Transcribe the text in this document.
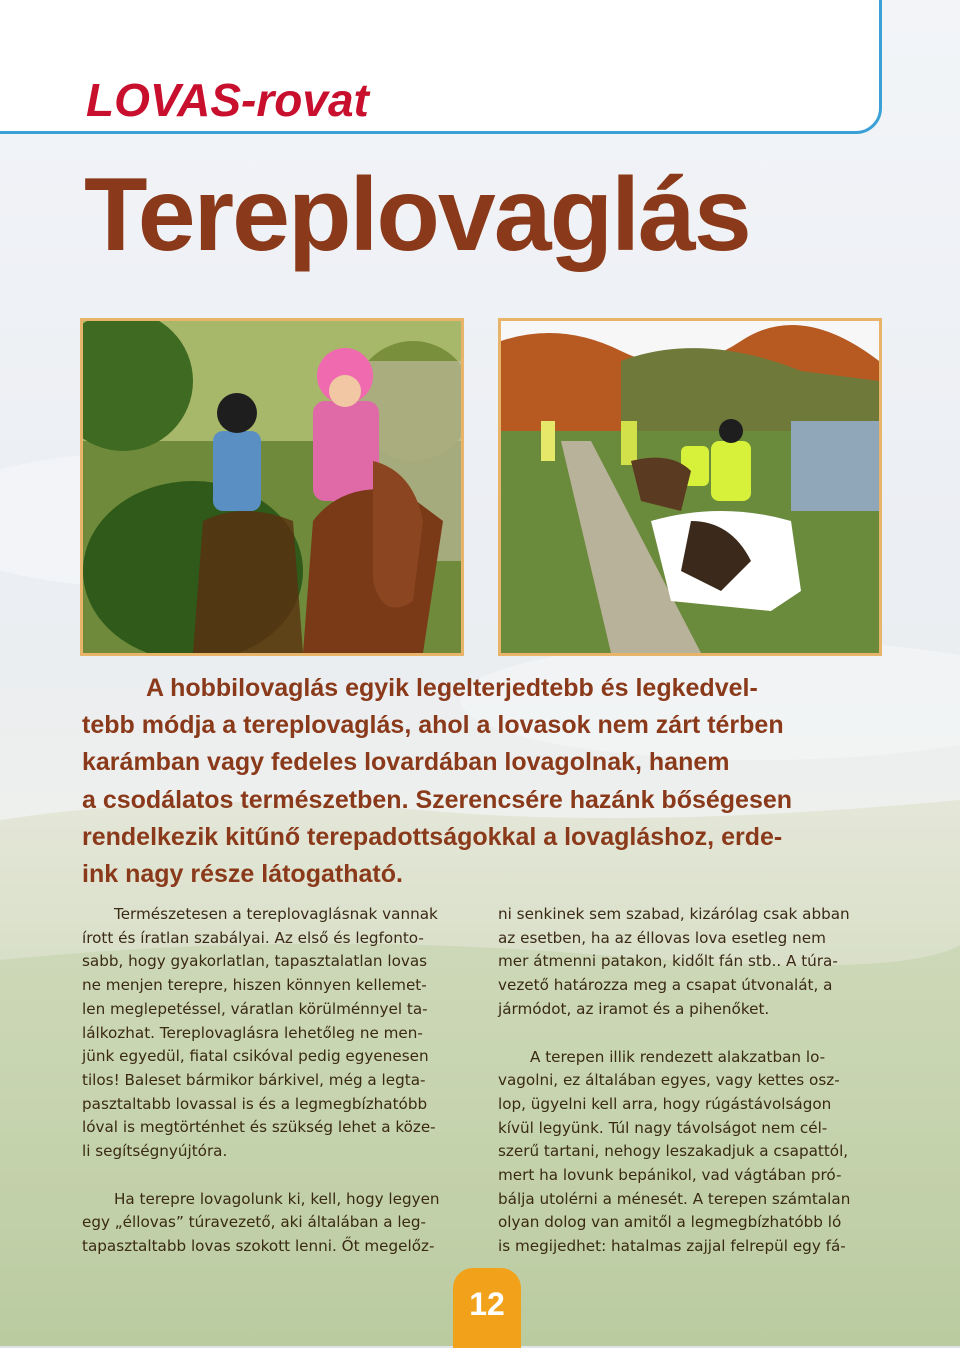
LOVAS-rovat
Tereplovaglás

A hobbilovaglás egyik legelterjedtebb és legkedvel-
tebb módja a tereplovaglás, ahol a lovasok nem zárt térben
karámban vagy fedeles lovardában lovagolnak, hanem
a csodálatos természetben. Szerencsére hazánk bőségesen
rendelkezik kitűnő terepadottságokkal a lovagláshoz, erde-
ink nagy része látogatható.

Természetesen a tereplovaglásnak vannak
írott és íratlan szabályai. Az első és legfonto-
sabb, hogy gyakorlatlan, tapasztalatlan lovas
ne menjen terepre, hiszen könnyen kellemet-
len meglepetéssel, váratlan körülménnyel ta-
lálkozhat. Tereplovaglásra lehetőleg ne men-
jünk egyedül, fiatal csikóval pedig egyenesen
tilos! Baleset bármikor bárkivel, még a legta-
pasztaltabb lovassal is és a legmegbízhatóbb
lóval is megtörténhet és szükség lehet a köze-
li segítségnyújtóra.
Ha terepre lovagolunk ki, kell, hogy legyen
egy „éllovas” túravezető, aki általában a leg-
tapasztaltabb lovas szokott lenni. Őt megelőz-
ni senkinek sem szabad, kizárólag csak abban
az esetben, ha az éllovas lova esetleg nem
mer átmenni patakon, kidőlt fán stb.. A túra-
vezető határozza meg a csapat útvonalát, a
jármódot, az iramot és a pihenőket.
A terepen illik rendezett alakzatban lo-
vagolni, ez általában egyes, vagy kettes osz-
lop, ügyelni kell arra, hogy rúgástávolságon
kívül legyünk. Túl nagy távolságot nem cél-
szerű tartani, nehogy leszakadjuk a csapattól,
mert ha lovunk bepánikol, vad vágtában pró-
bálja utolérni a ménesét. A terepen számtalan
olyan dolog van amitől a legmegbízhatóbb ló
is megijedhet: hatalmas zajjal felrepül egy fá-
12
